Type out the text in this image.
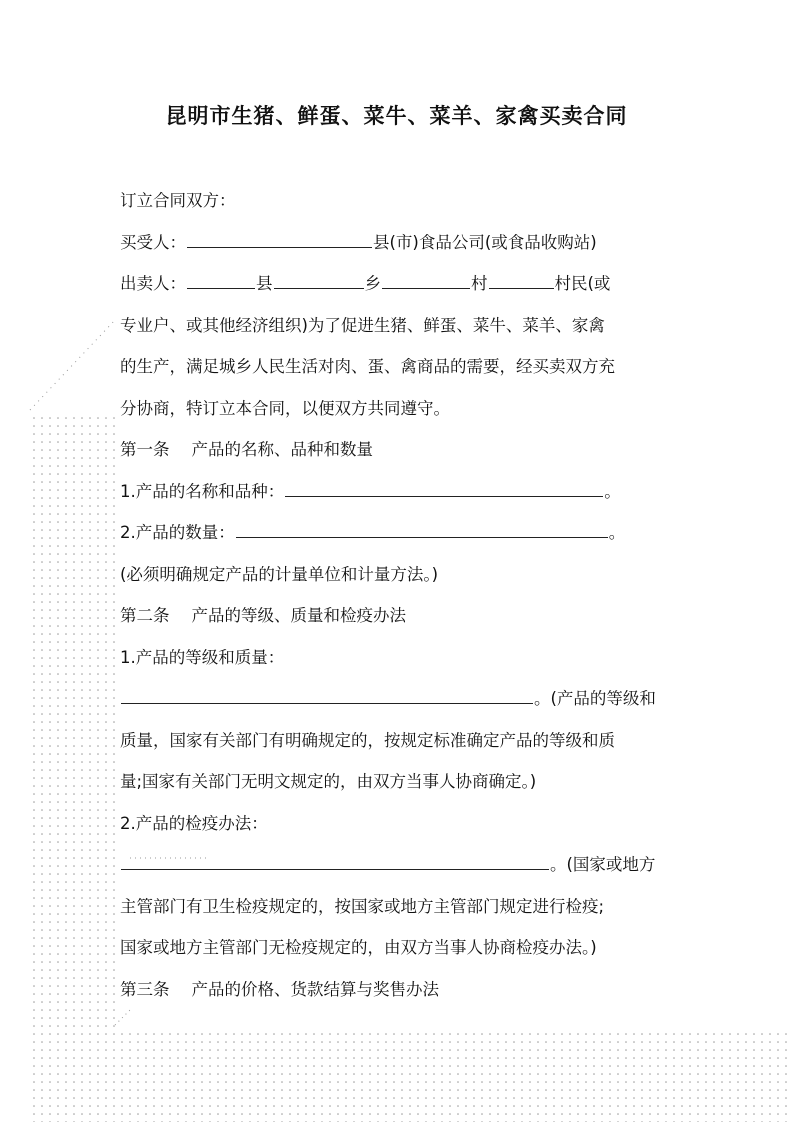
昆明市生猪、鲜蛋、菜牛、菜羊、家禽买卖合同
订立合同双方：
买受人：	县(市)食品公司(或食品收购站)
出卖人：	县	乡	村	村民(或
专业户、或其他经济组织)为了促进生猪、鲜蛋、菜牛、菜羊、家禽
的生产，满足城乡人民生活对肉、蛋、禽商品的需要，经买卖双方充
分协商，特订立本合同，以便双方共同遵守。
第一条 产品的名称、品种和数量
1.产品的名称和品种：	。
2.产品的数量：	。
(必须明确规定产品的计量单位和计量方法。)
第二条 产品的等级、质量和检疫办法
1.产品的等级和质量：
。(产品的等级和
质量，国家有关部门有明确规定的，按规定标准确定产品的等级和质
量;国家有关部门无明文规定的，由双方当事人协商确定。)
2.产品的检疫办法：
。(国家或地方
主管部门有卫生检疫规定的，按国家或地方主管部门规定进行检疫;
国家或地方主管部门无检疫规定的，由双方当事人协商检疫办法。)
第三条 产品的价格、货款结算与奖售办法
